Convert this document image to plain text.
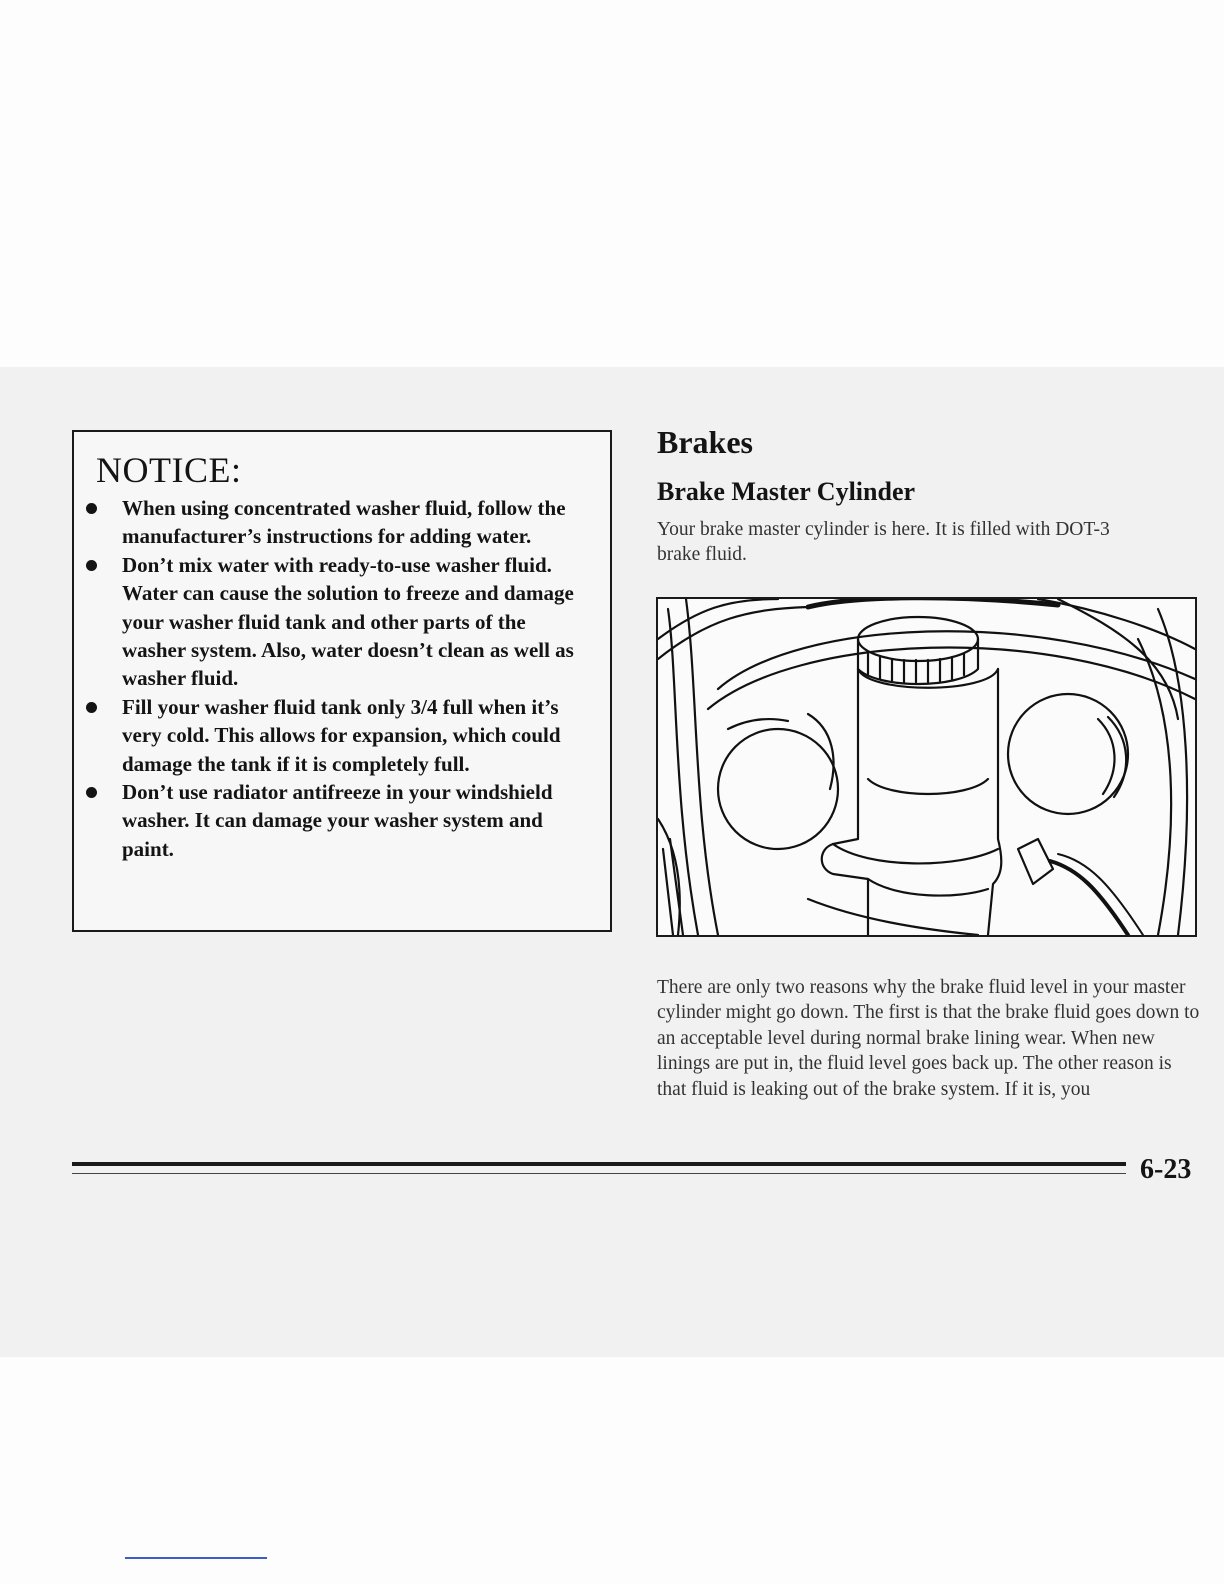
NOTICE:
When using concentrated washer fluid, follow the manufacturer’s instructions for adding water.
Don’t mix water with ready-to-use washer fluid. Water can cause the solution to freeze and damage your washer fluid tank and other parts of the washer system. Also, water doesn’t clean as well as washer fluid.
Fill your washer fluid tank only 3/4 full when it’s very cold. This allows for expansion, which could damage the tank if it is completely full.
Don’t use radiator antifreeze in your windshield washer. It can damage your washer system and paint.
Brakes
Brake Master Cylinder

Your brake master cylinder is here. It is filled with DOT-3 brake fluid.

There are only two reasons why the brake fluid level in your master cylinder might go down. The first is that the brake fluid goes down to an acceptable level during normal brake lining wear. When new linings are put in, the fluid level goes back up. The other reason is that fluid is leaking out of the brake system. If it is, you

6-23
